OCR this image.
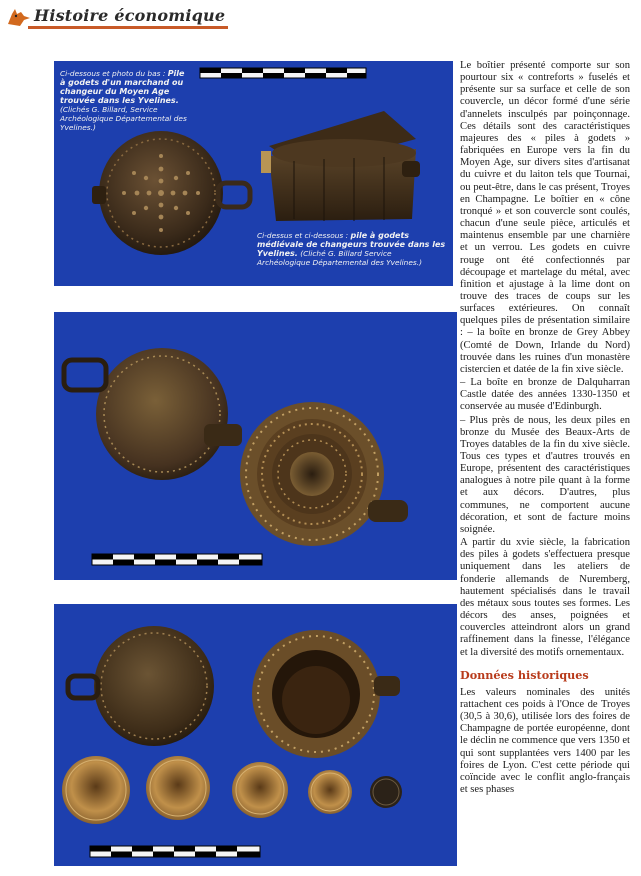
Histoire économique
Ci-dessous et photo du bas : Pile à godets d'un marchand ou changeur du Moyen Age trouvée dans les Yvelines. (Clichés G. Billard, Service Archéologique Départemental des Yvelines.)
Ci-dessus et ci-dessous : pile à godets médiévale de changeurs trouvée dans les Yvelines. (Cliché G. Billard Service Archéologique Départemental des Yvelines.)

Le boîtier présenté comporte sur son pourtour six « contreforts » fuselés et présente sur sa surface et celle de son couvercle, un décor formé d'une série d'annelets insculpés par poinçonnage. Ces détails sont des caractéristiques majeures des « piles à godets » fabriquées en Europe vers la fin du Moyen Age, sur divers sites d'artisanat du cuivre et du laiton tels que Tournai, ou peut-être, dans le cas présent, Troyes en Champagne. Le boîtier en « cône tronqué » et son couvercle sont coulés, chacun d'une seule pièce, articulés et maintenus ensemble par une charnière et un verrou. Les godets en cuivre rouge ont été confectionnés par découpage et martelage du métal, avec finition et ajustage à la lime dont on trouve des traces de coups sur les surfaces extérieures. On connaît quelques piles de présentation similaire : – la boîte en bronze de Grey Abbey (Comté de Down, Irlande du Nord) trouvée dans les ruines d'un monastère cistercien et datée de la fin xive siècle.

– La boîte en bronze de Dalquharran Castle datée des années 1330-1350 et conservée au musée d'Edinburgh.

– Plus près de nous, les deux piles en bronze du Musée des Beaux-Arts de Troyes datables de la fin du xive siècle. Tous ces types et d'autres trouvés en Europe, présentent des caractéristiques analogues à notre pile quant à la forme et aux décors. D'autres, plus communes, ne comportent aucune décoration, et sont de facture moins soignée.

A partir du xvie siècle, la fabrication des piles à godets s'effectuera presque uniquement dans les ateliers de fonderie allemands de Nuremberg, hautement spécialisés dans le travail des métaux sous toutes ses formes. Les décors des anses, poignées et couvercles atteindront alors un grand raffinement dans la finesse, l'élégance et la diversité des motifs ornementaux.

Données historiques

Les valeurs nominales des unités rattachent ces poids à l'Once de Troyes (30,5 à 30,6), utilisée lors des foires de Champagne de portée européenne, dont le déclin ne commence que vers 1350 et qui sont supplantées vers 1400 par les foires de Lyon. C'est cette période qui coïncide avec le conflit anglo-français et ses phases
